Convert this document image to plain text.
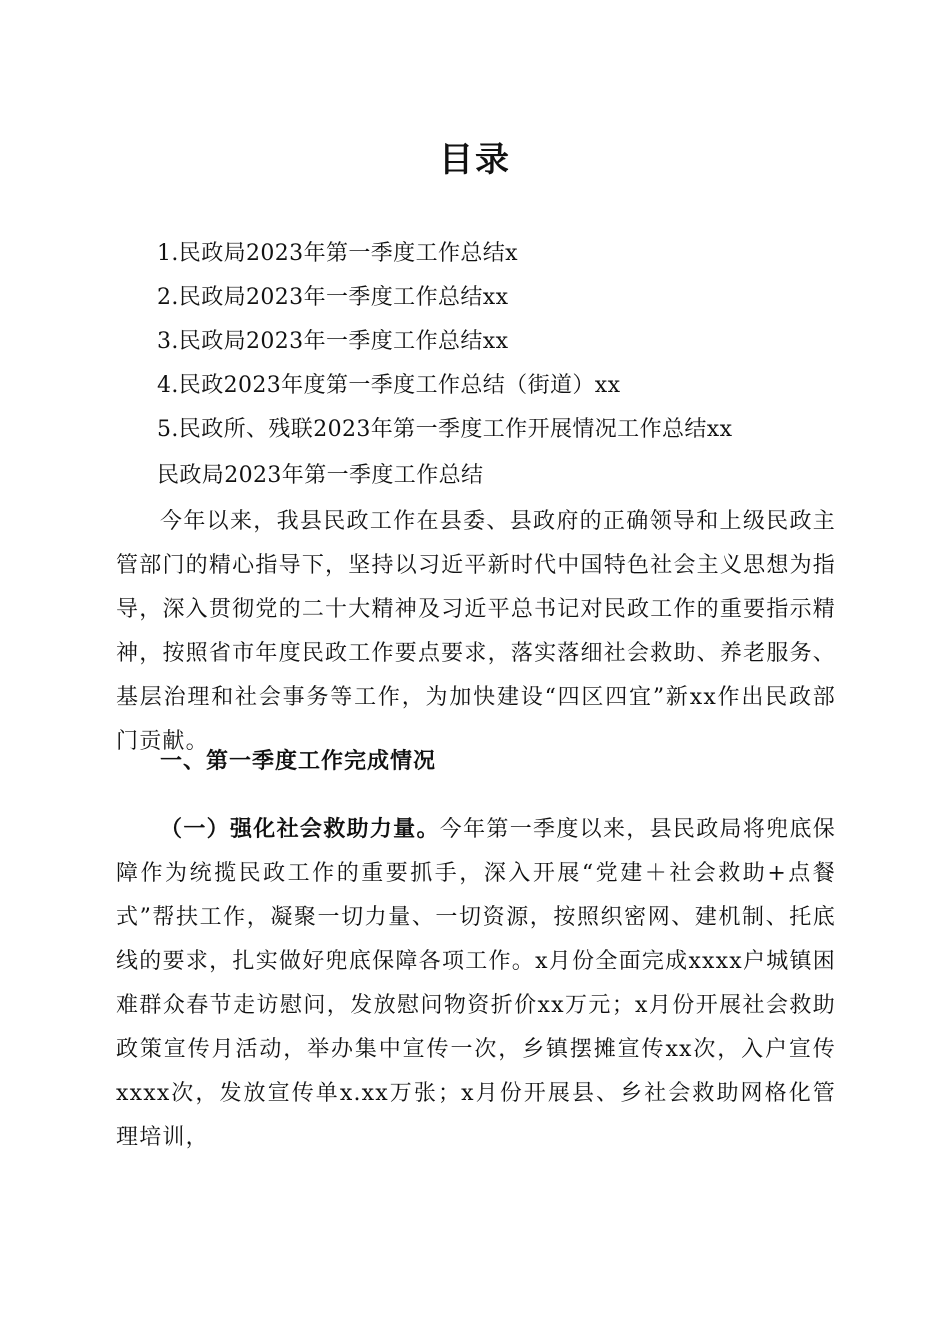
目录
1.民政局2023年第一季度工作总结x
2.民政局2023年一季度工作总结xx
3.民政局2023年一季度工作总结xx
4.民政2023年度第一季度工作总结（街道）xx
5.民政所、残联2023年第一季度工作开展情况工作总结xx
民政局2023年第一季度工作总结

今年以来，我县民政工作在县委、县政府的正确领导和上级民政主管部门的精心指导下，坚持以习近平新时代中国特色社会主义思想为指导，深入贯彻党的二十大精神及习近平总书记对民政工作的重要指示精神，按照省市年度民政工作要点要求，落实落细社会救助、养老服务、基层治理和社会事务等工作，为加快建设“四区四宜”新xx作出民政部门贡献。

一、第一季度工作完成情况

（一）强化社会救助力量。今年第一季度以来，县民政局将兜底保障作为统揽民政工作的重要抓手，深入开展“党建＋社会救助+点餐式”帮扶工作，凝聚一切力量、一切资源，按照织密网、建机制、托底线的要求，扎实做好兜底保障各项工作。x月份全面完成xxxx户城镇困难群众春节走访慰问，发放慰问物资折价xx万元；x月份开展社会救助政策宣传月活动，举办集中宣传一次，乡镇摆摊宣传xx次，入户宣传xxxx次，发放宣传单x.xx万张；x月份开展县、乡社会救助网格化管理培训，
